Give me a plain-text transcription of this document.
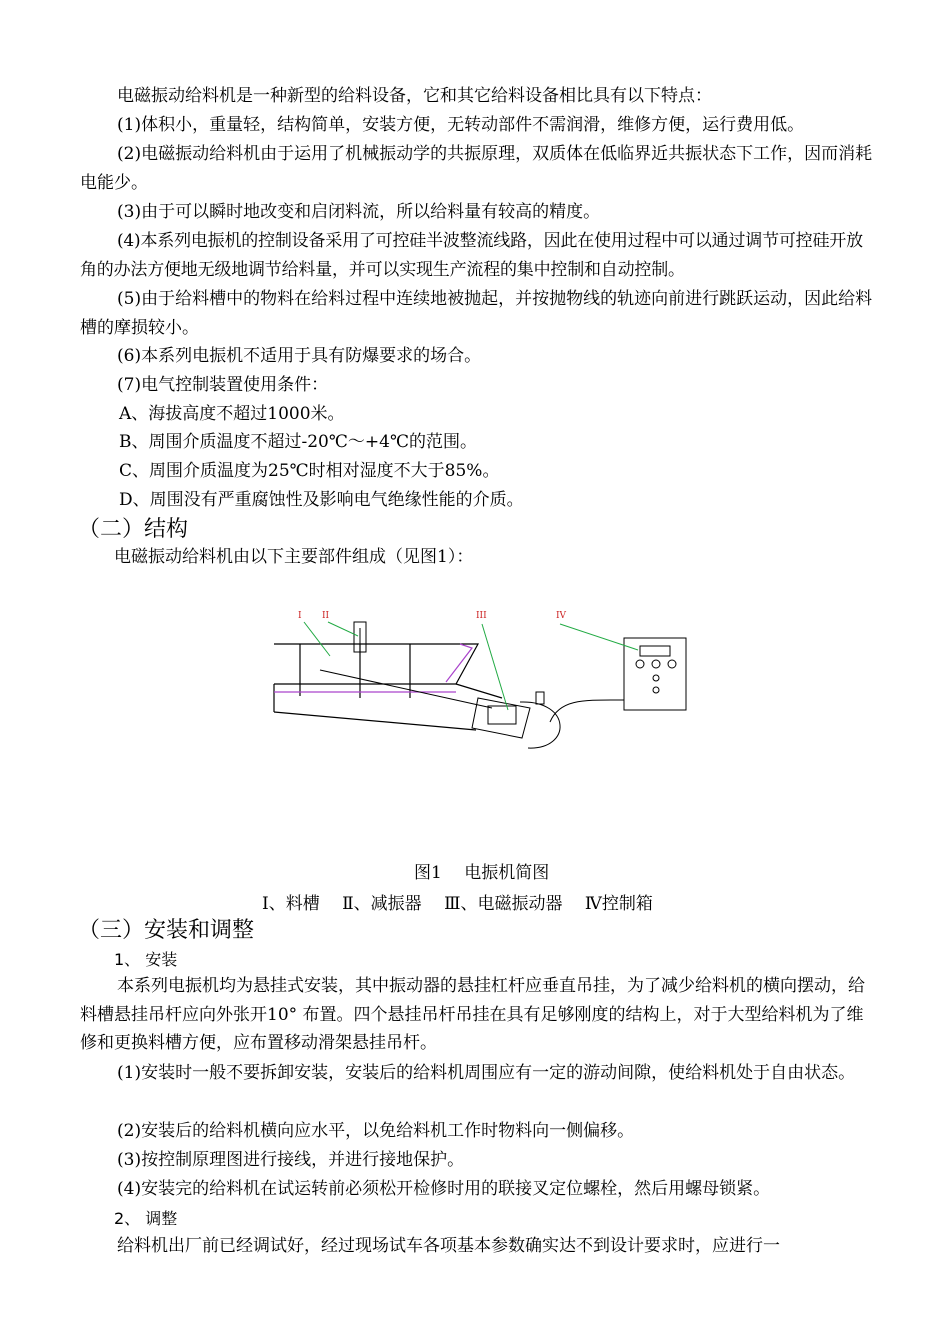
电磁振动给料机是一种新型的给料设备，它和其它给料设备相比具有以下特点：

(1)体积小，重量轻，结构简单，安装方便，无转动部件不需润滑，维修方便，运行费用低。

(2)电磁振动给料机由于运用了机械振动学的共振原理，双质体在低临界近共振状态下工作，因而消耗电能少。

(3)由于可以瞬时地改变和启闭料流，所以给料量有较高的精度。

(4)本系列电振机的控制设备采用了可控硅半波整流线路，因此在使用过程中可以通过调节可控硅开放角的办法方便地无级地调节给料量，并可以实现生产流程的集中控制和自动控制。

(5)由于给料槽中的物料在给料过程中连续地被抛起，并按抛物线的轨迹向前进行跳跃运动，因此给料槽的摩损较小。

(6)本系列电振机不适用于具有防爆要求的场合。

(7)电气控制装置使用条件：

A、海拔高度不超过1000米。

B、周围介质温度不超过-20℃～+4℃的范围。

C、周围介质温度为25℃时相对湿度不大于85%。

D、周围没有严重腐蚀性及影响电气绝缘性能的介质。

（二）结构

电磁振动给料机由以下主要部件组成（见图1）：

I II	III	IV

图1　 电振机简图

Ⅰ、料槽　 Ⅱ、减振器　 Ⅲ、电磁振动器　 Ⅳ控制箱

（三）安装和调整

1、 安装

本系列电振机均为悬挂式安装，其中振动器的悬挂杠杆应垂直吊挂，为了减少给料机的横向摆动，给料槽悬挂吊杆应向外张开10° 布置。四个悬挂吊杆吊挂在具有足够刚度的结构上，对于大型给料机为了维修和更换料槽方便，应布置移动滑架悬挂吊杆。

(1)安装时一般不要拆卸安装，安装后的给料机周围应有一定的游动间隙，使给料机处于自由状态。

(2)安装后的给料机横向应水平，以免给料机工作时物料向一侧偏移。

(3)按控制原理图进行接线，并进行接地保护。

(4)安装完的给料机在试运转前必须松开检修时用的联接叉定位螺栓，然后用螺母锁紧。

2、 调整

给料机出厂前已经调试好，经过现场试车各项基本参数确实达不到设计要求时，应进行一
